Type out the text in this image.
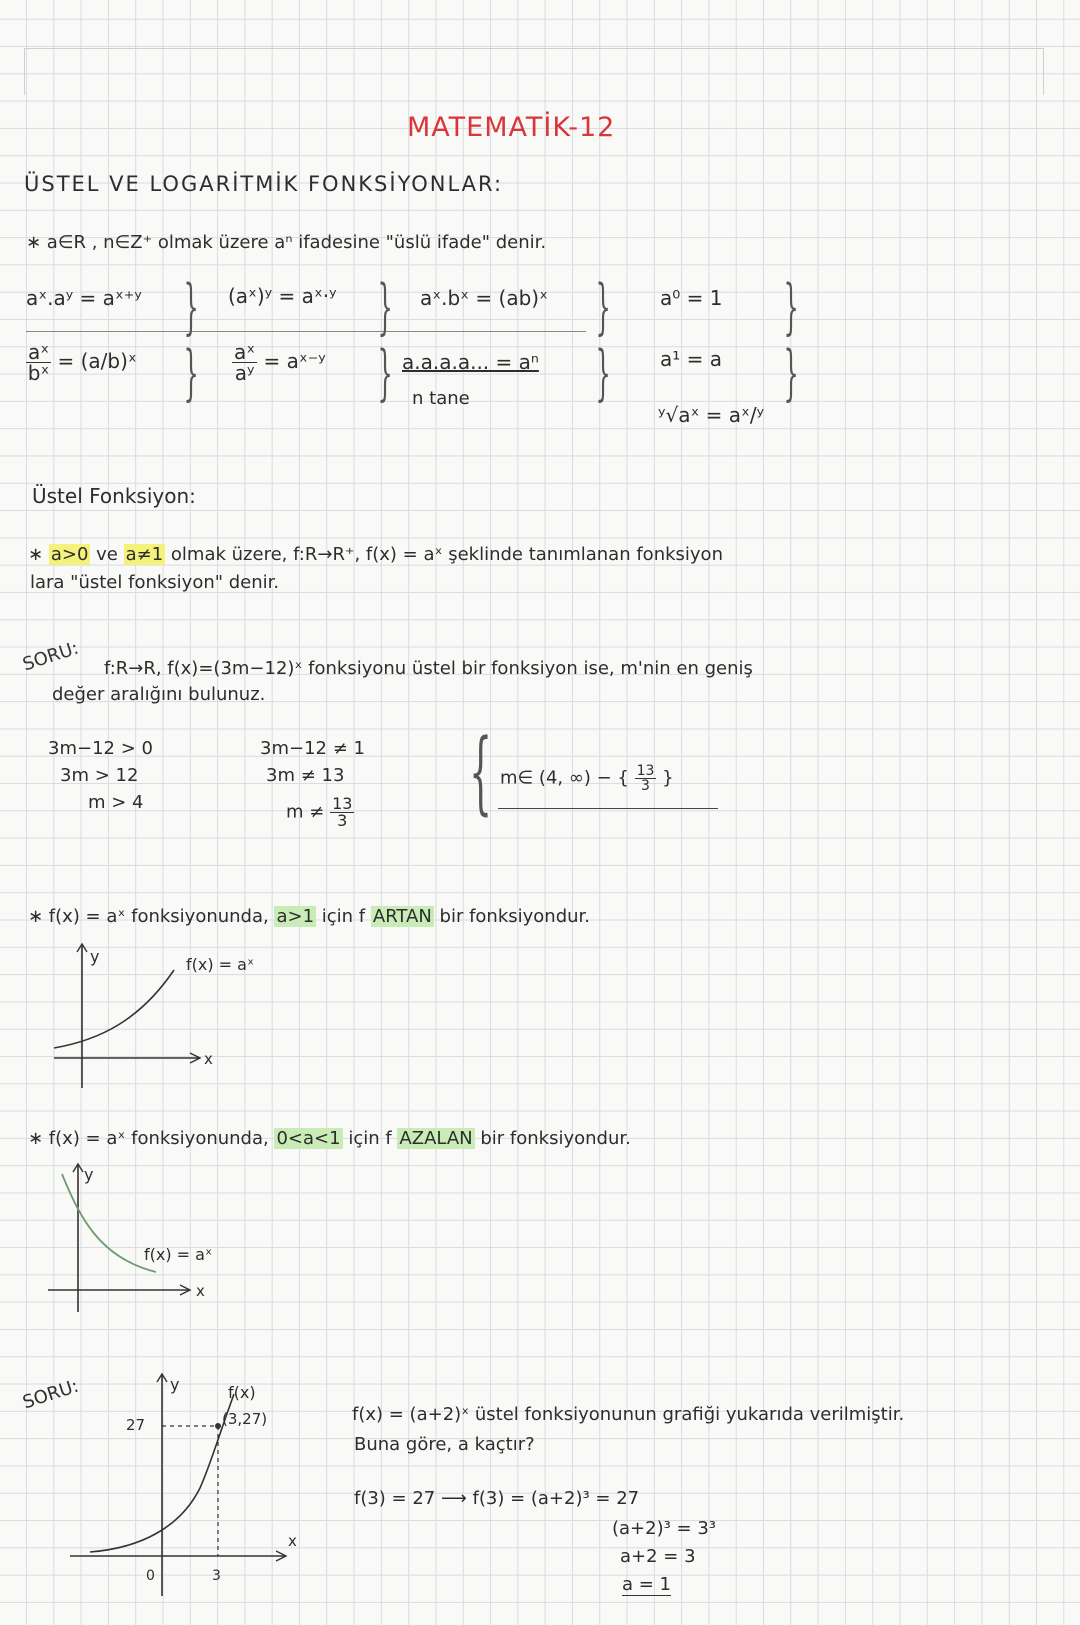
MATEMATİK-12
ÜSTEL VE LOGARİTMİK FONKSİYONLAR:
∗ a∈R , n∈Z⁺ olmak üzere aⁿ ifadesine "üslü ifade" denir.
aˣ.aʸ = aˣ⁺ʸ	(aˣ)ʸ = aˣ·ʸ	aˣ.bˣ = (ab)ˣ	a⁰ = 1
$\frac{\text{aˣ}}{\text{bˣ}}$ = (a/b)ˣ	$\frac{\text{aˣ}}{\text{aʸ}}$ = aˣ⁻ʸ	a.a.a.a... = aⁿ
n tane
a¹ = a
ʸ√aˣ = aˣ/ʸ
}
}
}
}
}
}
}
}
Üstel Fonksiyon:
∗ a>0 ve a≠1 olmak üzere, f:R→R⁺, f(x) = aˣ şeklinde tanımlanan fonksiyon
lara "üstel fonksiyon" denir.
SORU: f:R→R, f(x)=(3m−12)ˣ fonksiyonu üstel bir fonksiyon ise, m'nin en geniş
değer aralığını bulunuz.
3m−12 > 0
3m > 12
m > 4
3m−12 ≠ 1
3m ≠ 13
$m \ne \frac{13}{3}$ { m∈ (4, ∞) − { $\frac{13}{3}$ }
∗ f(x) = aˣ fonksiyonunda, a>1 için f ARTAN bir fonksiyondur.
y
x
f(x) = aˣ
∗ f(x) = aˣ fonksiyonunda, 0<a<1 için f AZALAN bir fonksiyondur.
y
x
f(x) = aˣ
SORU:	y
x
f(x)
(3,27)
27
0	3
f(x) = (a+2)ˣ üstel fonksiyonunun grafiği yukarıda verilmiştir.
Buna göre, a kaçtır?
f(3) = 27 ⟶ f(3) = (a+2)³ = 27
(a+2)³ = 3³
a+2 = 3
a = 1
